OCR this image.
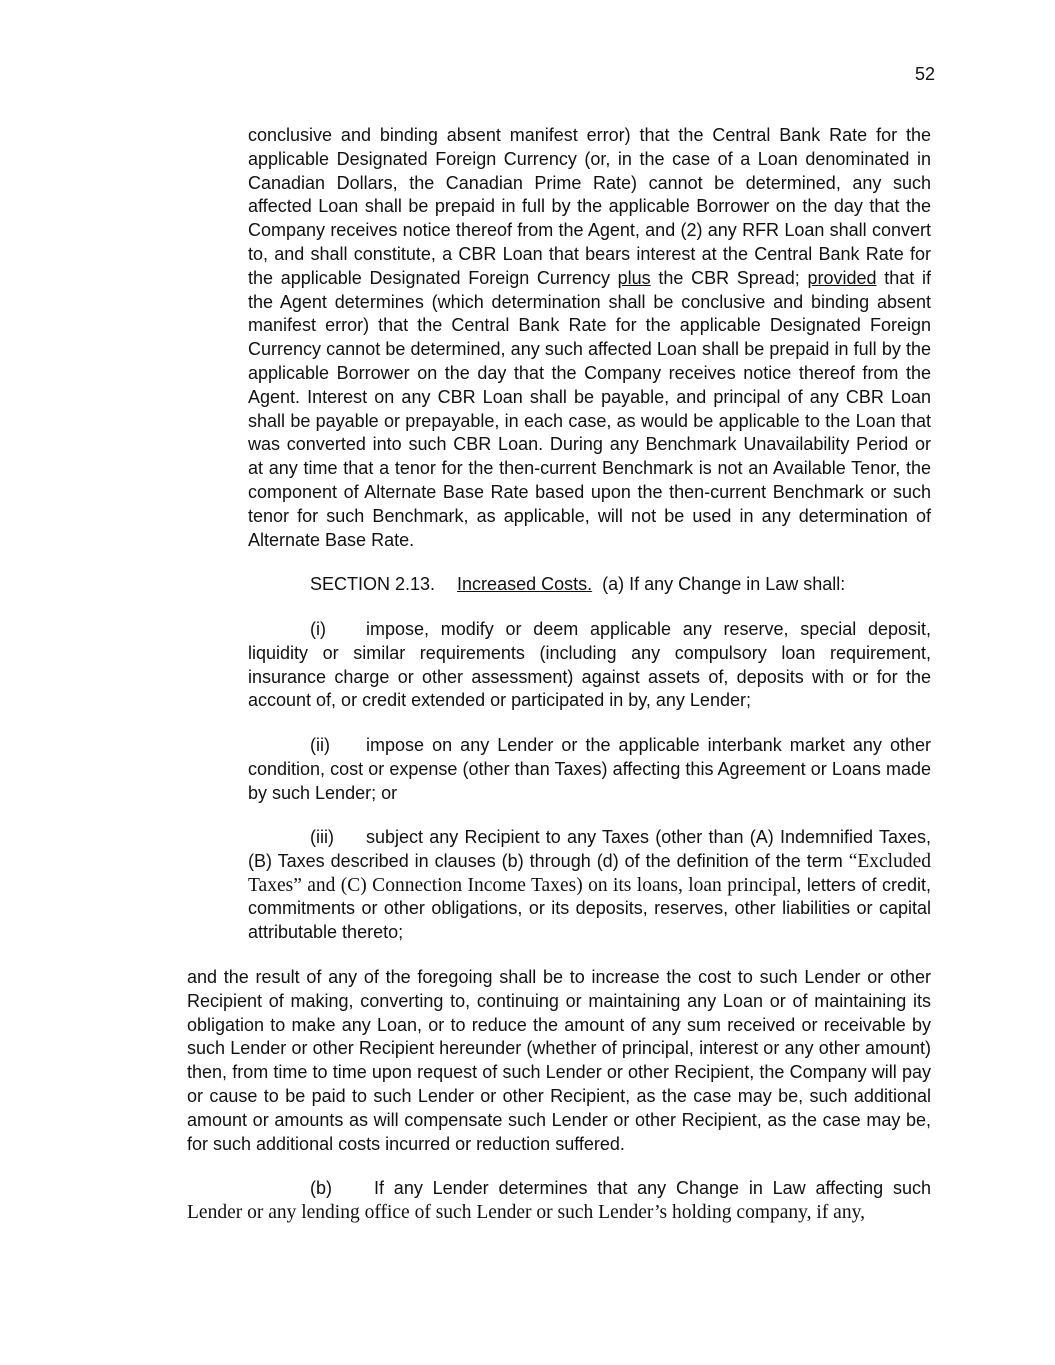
52

conclusive and binding absent manifest error) that the Central Bank Rate for the applicable Designated Foreign Currency (or, in the case of a Loan denominated in Canadian Dollars, the Canadian Prime Rate) cannot be determined, any such affected Loan shall be prepaid in full by the applicable Borrower on the day that the Company receives notice thereof from the Agent, and (2) any RFR Loan shall convert to, and shall constitute, a CBR Loan that bears interest at the Central Bank Rate for the applicable Designated Foreign Currency plus the CBR Spread; provided that if the Agent determines (which determination shall be conclusive and binding absent manifest error) that the Central Bank Rate for the applicable Designated Foreign Currency cannot be determined, any such affected Loan shall be prepaid in full by the applicable Borrower on the day that the Company receives notice thereof from the Agent. Interest on any CBR Loan shall be payable, and principal of any CBR Loan shall be payable or prepayable, in each case, as would be applicable to the Loan that was converted into such CBR Loan. During any Benchmark Unavailability Period or at any time that a tenor for the then-current Benchmark is not an Available Tenor, the component of Alternate Base Rate based upon the then-current Benchmark or such tenor for such Benchmark, as applicable, will not be used in any determination of Alternate Base Rate.

SECTION 2.13. Increased Costs. (a) If any Change in Law shall:

(i) impose, modify or deem applicable any reserve, special deposit, liquidity or similar requirements (including any compulsory loan requirement, insurance charge or other assessment) against assets of, deposits with or for the account of, or credit extended or participated in by, any Lender;

(ii) impose on any Lender or the applicable interbank market any other condition, cost or expense (other than Taxes) affecting this Agreement or Loans made by such Lender; or

(iii) subject any Recipient to any Taxes (other than (A) Indemnified Taxes, (B) Taxes described in clauses (b) through (d) of the definition of the term “Excluded Taxes” and (C) Connection Income Taxes) on its loans, loan principal, letters of credit, commitments or other obligations, or its deposits, reserves, other liabilities or capital attributable thereto;

and the result of any of the foregoing shall be to increase the cost to such Lender or other Recipient of making, converting to, continuing or maintaining any Loan or of maintaining its obligation to make any Loan, or to reduce the amount of any sum received or receivable by such Lender or other Recipient hereunder (whether of principal, interest or any other amount) then, from time to time upon request of such Lender or other Recipient, the Company will pay or cause to be paid to such Lender or other Recipient, as the case may be, such additional amount or amounts as will compensate such Lender or other Recipient, as the case may be, for such additional costs incurred or reduction suffered.

(b) If any Lender determines that any Change in Law affecting such Lender or any lending office of such Lender or such Lender’s holding company, if any,
